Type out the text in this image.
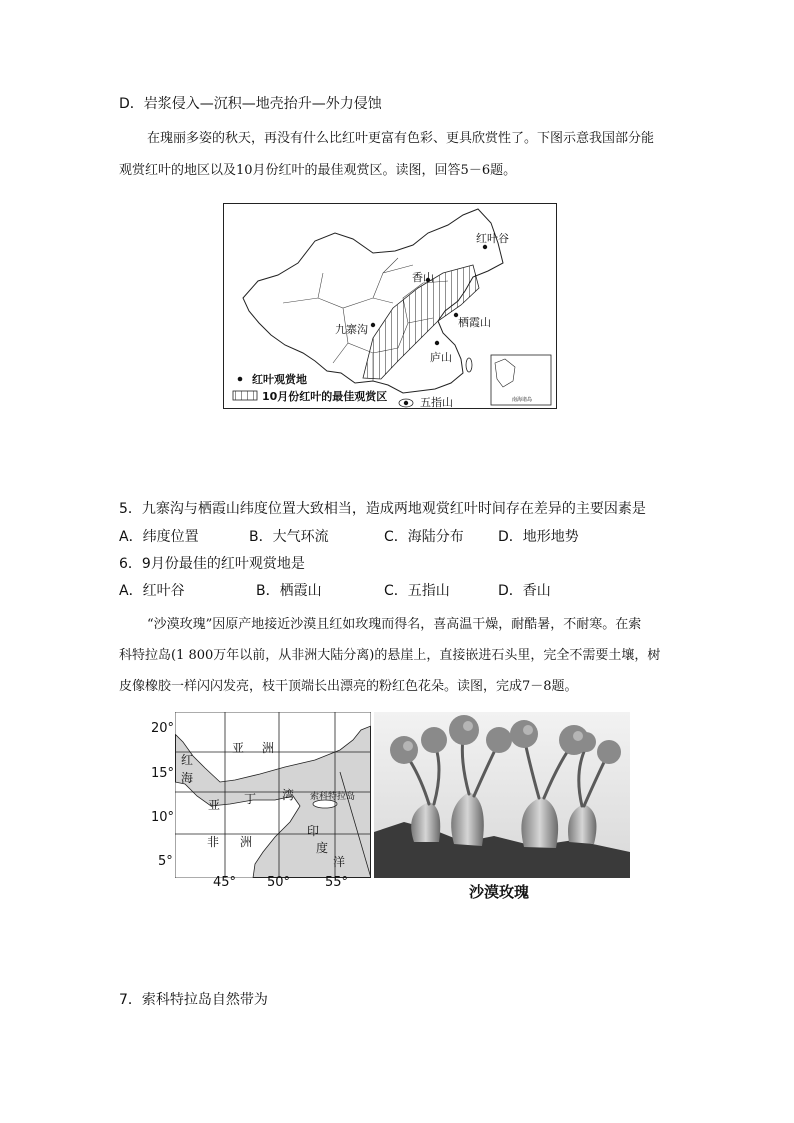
D．岩浆侵入—沉积—地壳抬升—外力侵蚀
在瑰丽多姿的秋天，再没有什么比红叶更富有色彩、更具欣赏性了。下图示意我国部分能
观赏红叶的地区以及10月份红叶的最佳观赏区。读图，回答5－6题。
红叶谷
香山
九寨沟
栖霞山
庐山
五指山
红叶观赏地
10月份红叶的最佳观赏区	南海诸岛
5．九寨沟与栖霞山纬度位置大致相当，造成两地观赏红叶时间存在差异的主要因素是
A．纬度位置	B．大气环流	C．海陆分布 D．地形地势
6．9月份最佳的红叶观赏地是
A．红叶谷	B．栖霞山	C．五指山	D．香山
“沙漠玫瑰”因原产地接近沙漠且红如玫瑰而得名，喜高温干燥，耐酷暑，不耐寒。在索
科特拉岛(1 800万年以前，从非洲大陆分离)的悬崖上，直接嵌进石头里，完全不需要土壤，树
皮像橡胶一样闪闪发亮，枝干顶端长出漂亮的粉红色花朵。读图，完成7－8题。
20°
15°
10°
5°
45° 50°	55°
亚 洲
红
海
亚 丁 湾 索科特拉岛
非 洲
印
度
洋
沙漠玫瑰
7．索科特拉岛自然带为
